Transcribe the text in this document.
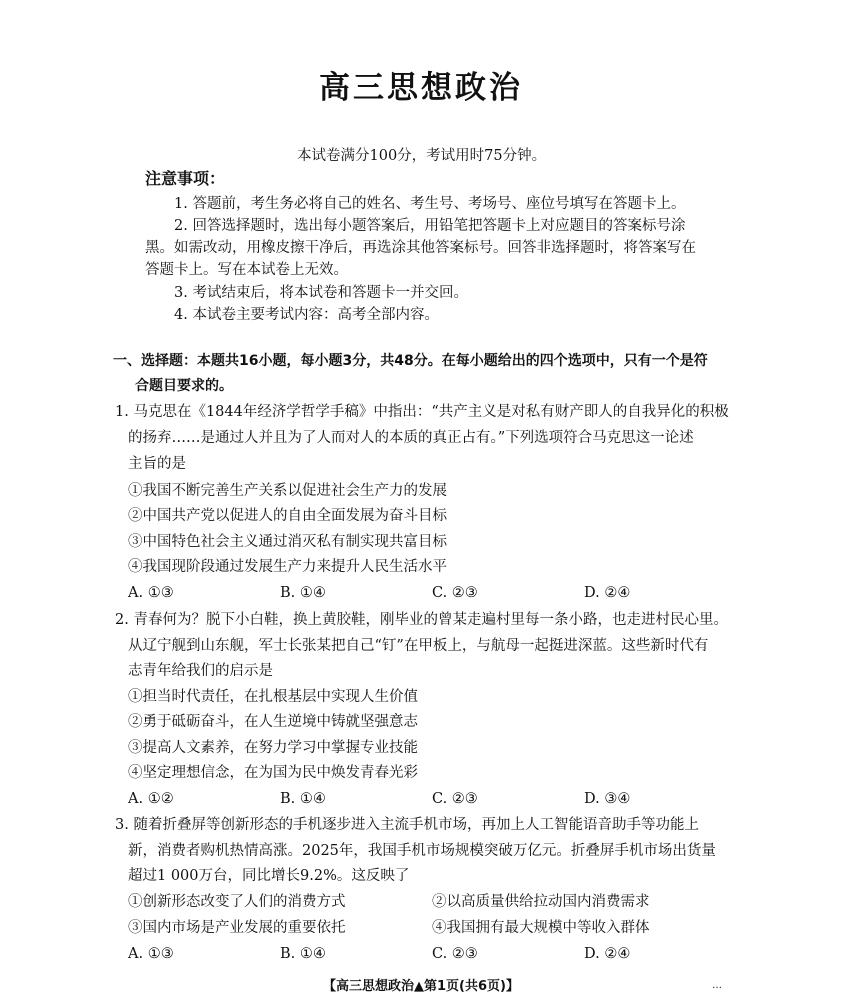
高三思想政治
本试卷满分100分，考试用时75分钟。
注意事项：
1. 答题前，考生务必将自己的姓名、考生号、考场号、座位号填写在答题卡上。
2. 回答选择题时，选出每小题答案后，用铅笔把答题卡上对应题目的答案标号涂
黑。如需改动，用橡皮擦干净后，再选涂其他答案标号。回答非选择题时，将答案写在
答题卡上。写在本试卷上无效。
3. 考试结束后，将本试卷和答题卡一并交回。
4. 本试卷主要考试内容：高考全部内容。
一、选择题：本题共16小题，每小题3分，共48分。在每小题给出的四个选项中，只有一个是符
合题目要求的。
1. 马克思在《1844年经济学哲学手稿》中指出：“共产主义是对私有财产即人的自我异化的积极
的扬弃……是通过人并且为了人而对人的本质的真正占有。”下列选项符合马克思这一论述
主旨的是
①我国不断完善生产关系以促进社会生产力的发展
②中国共产党以促进人的自由全面发展为奋斗目标
③中国特色社会主义通过消灭私有制实现共富目标
④我国现阶段通过发展生产力来提升人民生活水平
A. ①③	B. ①④	C. ②③	D. ②④
2. 青春何为？脱下小白鞋，换上黄胶鞋，刚毕业的曾某走遍村里每一条小路，也走进村民心里。
从辽宁舰到山东舰，军士长张某把自己“钉”在甲板上，与航母一起挺进深蓝。这些新时代有
志青年给我们的启示是
①担当时代责任，在扎根基层中实现人生价值
②勇于砥砺奋斗，在人生逆境中铸就坚强意志
③提高人文素养，在努力学习中掌握专业技能
④坚定理想信念，在为国为民中焕发青春光彩
A. ①②	B. ①④	C. ②③	D. ③④
3. 随着折叠屏等创新形态的手机逐步进入主流手机市场，再加上人工智能语音助手等功能上
新，消费者购机热情高涨。2025年，我国手机市场规模突破万亿元。折叠屏手机市场出货量
超过1 000万台，同比增长9.2%。这反映了
①创新形态改变了人们的消费方式	②以高质量供给拉动国内消费需求
③国内市场是产业发展的重要依托	④我国拥有最大规模中等收入群体
A. ①③	B. ①④	C. ②③	D. ②④
【高三思想政治▲第1页(共6页)】	…
